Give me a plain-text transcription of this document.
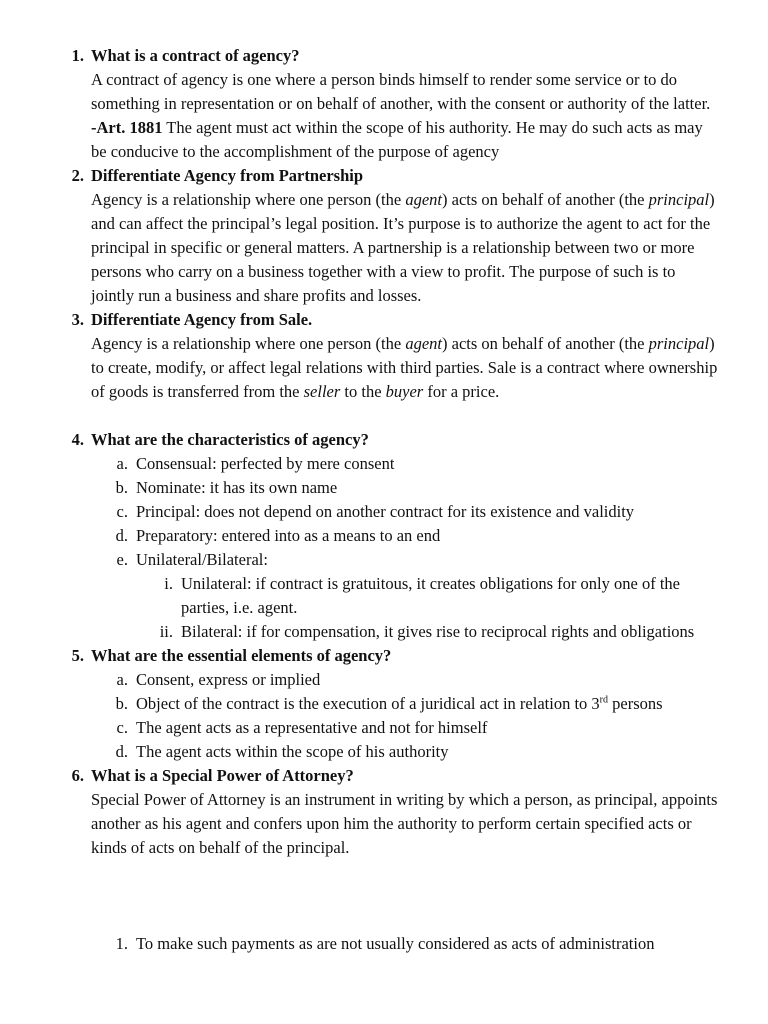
1. What is a contract of agency?
A contract of agency is one where a person binds himself to render some service or to do something in representation or on behalf of another, with the consent or authority of the latter.
-Art. 1881 The agent must act within the scope of his authority. He may do such acts as may be conducive to the accomplishment of the purpose of agency
2. Differentiate Agency from Partnership
Agency is a relationship where one person (the agent) acts on behalf of another (the principal) and can affect the principal’s legal position. It’s purpose is to authorize the agent to act for the principal in specific or general matters. A partnership is a relationship between two or more persons who carry on a business together with a view to profit. The purpose of such is to jointly run a business and share profits and losses.
3. Differentiate Agency from Sale.
Agency is a relationship where one person (the agent) acts on behalf of another (the principal) to create, modify, or affect legal relations with third parties. Sale is a contract where ownership of goods is transferred from the seller to the buyer for a price.
4. What are the characteristics of agency?
a. Consensual: perfected by mere consent
b. Nominate: it has its own name
c. Principal: does not depend on another contract for its existence and validity
d. Preparatory: entered into as a means to an end
e. Unilateral/Bilateral:
i. Unilateral: if contract is gratuitous, it creates obligations for only one of the parties, i.e. agent.
ii. Bilateral: if for compensation, it gives rise to reciprocal rights and obligations
5. What are the essential elements of agency?
a. Consent, express or implied
b. Object of the contract is the execution of a juridical act in relation to 3rd persons
c. The agent acts as a representative and not for himself
d. The agent acts within the scope of his authority
6. What is a Special Power of Attorney?
Special Power of Attorney is an instrument in writing by which a person, as principal, appoints another as his agent and confers upon him the authority to perform certain specified acts or kinds of acts on behalf of the principal.
1. To make such payments as are not usually considered as acts of administration
